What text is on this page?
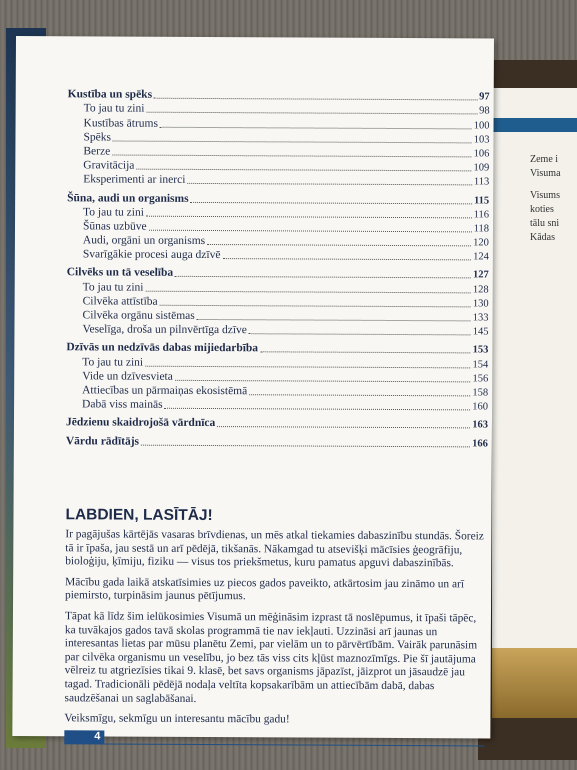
Zeme i
Visuma
Visums
koties
tālu sni
Kādas
Kustība un spēks	97
To jau tu zini	98
Kustības ātrums	100
Spēks	103
Berze	106
Gravitācija	109
Eksperimenti ar inerci	113
Šūna, audi un organisms	115
To jau tu zini	116
Šūnas uzbūve	118
Audi, orgāni un organisms	120
Svarīgākie procesi auga dzīvē	124
Cilvēks un tā veselība	127
To jau tu zini	128
Cilvēka attīstība	130
Cilvēka orgānu sistēmas	133
Veselīga, droša un pilnvērtīga dzīve	145
Dzīvās un nedzīvās dabas mijiedarbība	153
To jau tu zini	154
Vide un dzīvesvieta	156
Attiecības un pārmaiņas ekosistēmā	158
Dabā viss mainās	160
Jēdzienu skaidrojošā vārdnīca	163
Vārdu rādītājs	166
LABDIEN, LASĪTĀJ!

Ir pagājušas kārtējās vasaras brīvdienas, un mēs atkal tiekamies dabaszinību stundās. Šoreiz tā ir īpaša, jau sestā un arī pēdējā, tikšanās. Nākamgad tu atsevišķi mācīsies ģeogrāfiju, bioloģiju, ķīmiju, fiziku — visus tos priekšmetus, kuru pamatus apguvi dabaszinībās.

Mācību gada laikā atskatīsimies uz piecos gados paveikto, atkārtosim jau zināmo un arī piemirsto, turpināsim jaunus pētījumus.

Tāpat kā līdz šim ielūkosimies Visumā un mēģināsim izprast tā noslēpumus, it īpaši tāpēc, ka tuvākajos gados tavā skolas programmā tie nav iekļauti. Uzzināsi arī jaunas un interesantas lietas par mūsu planētu Zemi, par vielām un to pārvērtībām. Vairāk parunāsim par cilvēka organismu un veselību, jo bez tās viss cits kļūst maznozīmīgs. Pie šī jautājuma vēlreiz tu atgriezīsies tikai 9. klasē, bet savs organisms jāpazīst, jāizprot un jāsaudzē jau tagad. Tradicionāli pēdējā nodaļa veltīta kopsakarībām un attiecībām dabā, dabas saudzēšanai un saglabāšanai.

Veiksmīgu, sekmīgu un interesantu mācību gadu!

4
